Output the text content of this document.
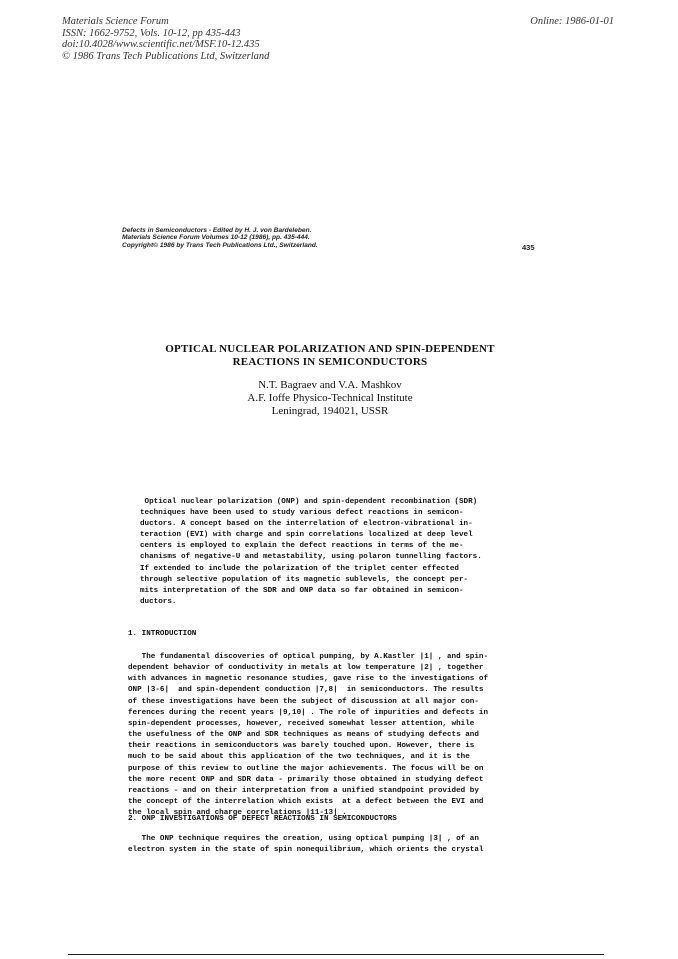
Materials Science Forum
ISSN: 1662-9752, Vols. 10-12, pp 435-443
doi:10.4028/www.scientific.net/MSF.10-12.435
© 1986 Trans Tech Publications Ltd, Switzerland
Online: 1986-01-01
Defects in Semiconductors - Edited by H. J. von Bardeleben.
Materials Science Forum Volumes 10-12 (1986), pp. 435-444.
Copyright© 1986 by Trans Tech Publications Ltd., Switzerland.	435
OPTICAL NUCLEAR POLARIZATION AND SPIN-DEPENDENT
REACTIONS IN SEMICONDUCTORS
N.T. Bagraev and V.A. Mashkov
A.F. Ioffe Physico-Technical Institute
Leningrad, 194021, USSR
Optical nuclear polarization (ONP) and spin-dependent recombination (SDR)
techniques have been used to study various defect reactions in semicon-
ductors. A concept based on the interrelation of electron-vibrational in-
teraction (EVI) with charge and spin correlations localized at deep level
centers is employed to explain the defect reactions in terms of the me-
chanisms of negative-U and metastability, using polaron tunnelling factors.
If extended to include the polarization of the triplet center effected
through selective population of its magnetic sublevels, the concept per-
mits interpretation of the SDR and ONP data so far obtained in semicon-
ductors.
1. INTRODUCTION
The fundamental discoveries of optical pumping, by A.Kastler |1| , and spin-
dependent behavior of conductivity in metals at low temperature |2| , together
with advances in magnetic resonance studies, gave rise to the investigations of
ONP |3-6|  and spin-dependent conduction |7,8|  in semiconductors. The results
of these investigations have been the subject of discussion at all major con-
ferences during the recent years |9,10| . The role of impurities and defects in
spin-dependent processes, however, received somewhat lesser attention, while
the usefulness of the ONP and SDR techniques as means of studying defects and
their reactions in semiconductors was barely touched upon. However, there is
much to be said about this application of the two techniques, and it is the
purpose of this review to outline the major achievements. The focus will be on
the more recent ONP and SDR data - primarily those obtained in studying defect
reactions - and on their interpretation from a unified standpoint provided by
the concept of the interrelation which exists  at a defect between the EVI and
the local spin and charge correlations |11-13| .
2. ONP INVESTIGATIONS OF DEFECT REACTIONS IN SEMICONDUCTORS
The ONP technique requires the creation, using optical pumping |3| , of an
electron system in the state of spin nonequilibrium, which orients the crystal
